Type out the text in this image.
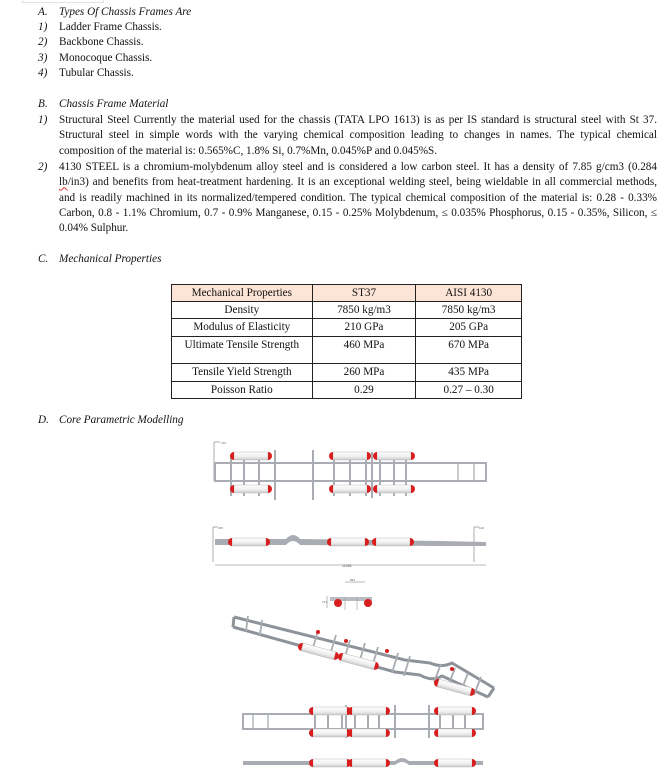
A. Types Of Chassis Frames Are
1) Ladder Frame Chassis.
2) Backbone Chassis.
3) Monocoque Chassis.
4) Tubular Chassis.
B. Chassis Frame Material

1) Structural Steel Currently the material used for the chassis (TATA LPO 1613) is as per IS standard is structural steel with St 37. Structural steel in simple words with the varying chemical composition leading to changes in names. The typical chemical composition of the material is: 0.565%C, 1.8% Si, 0.7%Mn, 0.045%P and 0.045%S.

2) 4130 STEEL is a chromium-molybdenum alloy steel and is considered a low carbon steel. It has a density of 7.85 g/cm3 (0.284 lb/in3) and benefits from heat-treatment hardening. It is an exceptional welding steel, being wieldable in all commercial methods, and is readily machined in its normalized/tempered condition. The typical chemical composition of the material is: 0.28 - 0.33% Carbon, 0.8 - 1.1% Chromium, 0.7 - 0.9% Manganese, 0.15 - 0.25% Molybdenum, ≤ 0.035% Phosphorus, 0.15 - 0.35%, Silicon, ≤ 0.04% Sulphur.

C. Mechanical Properties
Mechanical Properties	ST37	AISI 4130
Density	7850 kg/m3	7850 kg/m3
Modulus of Elasticity	210 GPa	205 GPa
Ultimate Tensile Strength	460 MPa	670 MPa
Tensile Yield Strength	260 MPa	435 MPa
Poisson Ratio	0.29	0.27 – 0.30
D. Core Parametric Modelling
470
345	120
11465
854
271
